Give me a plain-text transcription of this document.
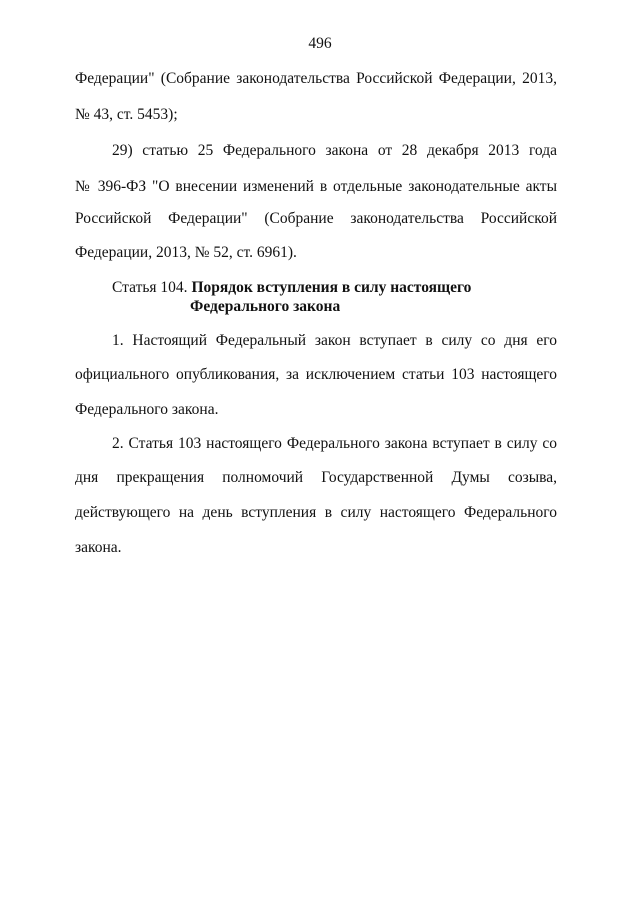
496
Федерации" (Собрание законодательства Российской Федерации, 2013,
№ 43, ст. 5453);
29) статью 25 Федерального закона от 28 декабря 2013 года
№ 396-ФЗ "О внесении изменений в отдельные законодательные акты
Российской Федерации" (Собрание законодательства Российской
Федерации, 2013, № 52, ст. 6961).
Статья 104. Порядок вступления в силу настоящего
Федерального закона
1. Настоящий Федеральный закон вступает в силу со дня его
официального опубликования, за исключением статьи 103 настоящего
Федерального закона.
2. Статья 103 настоящего Федерального закона вступает в силу со
дня прекращения полномочий Государственной Думы созыва,
действующего на день вступления в силу настоящего Федерального
закона.
